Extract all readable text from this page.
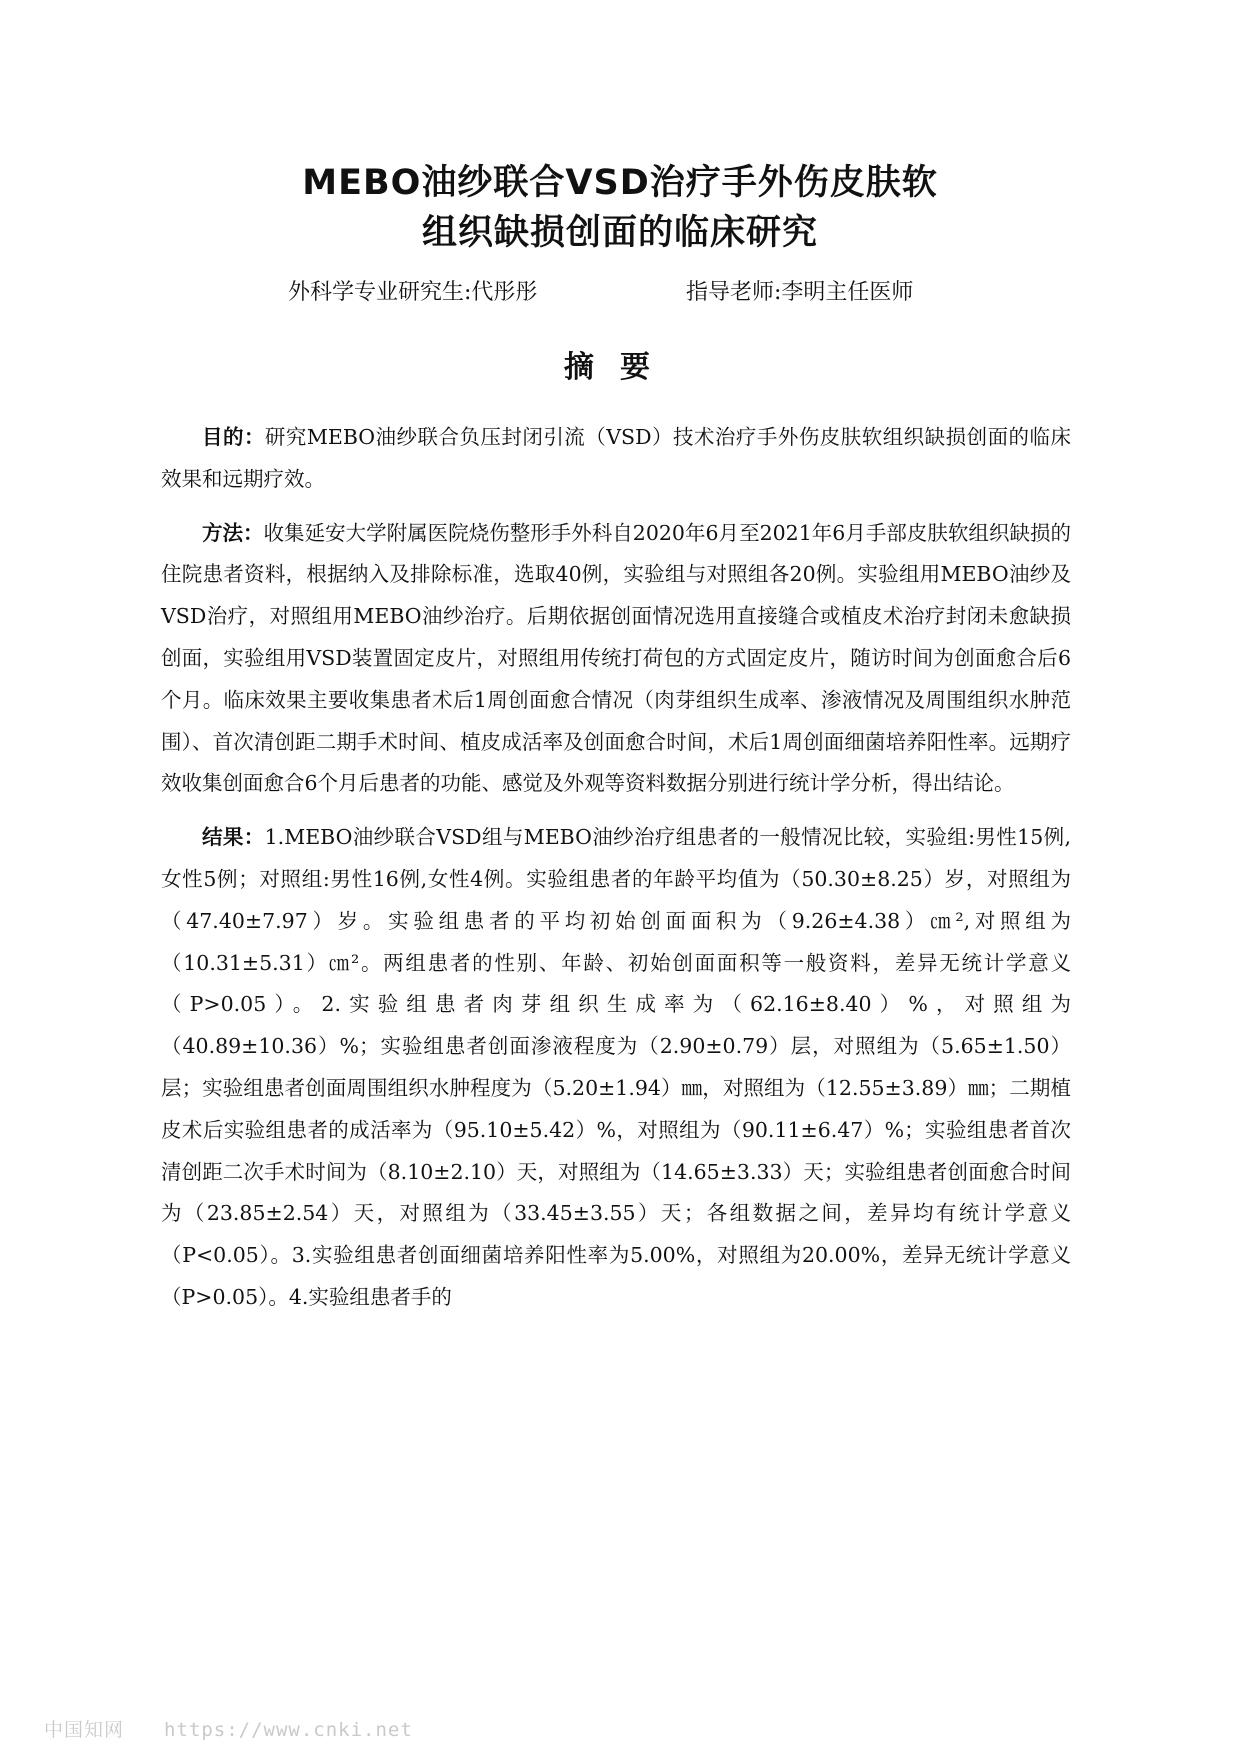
MEBO油纱联合VSD治疗手外伤皮肤软
组织缺损创面的临床研究
外科学专业研究生:代彤彤	指导老师:李明主任医师
摘要

目的：研究MEBO油纱联合负压封闭引流（VSD）技术治疗手外伤皮肤软组织缺损创面的临床效果和远期疗效。

方法：收集延安大学附属医院烧伤整形手外科自2020年6月至2021年6月手部皮肤软组织缺损的住院患者资料，根据纳入及排除标准，选取40例，实验组与对照组各20例。实验组用MEBO油纱及VSD治疗，对照组用MEBO油纱治疗。后期依据创面情况选用直接缝合或植皮术治疗封闭未愈缺损创面，实验组用VSD装置固定皮片，对照组用传统打荷包的方式固定皮片，随访时间为创面愈合后6个月。临床效果主要收集患者术后1周创面愈合情况（肉芽组织生成率、渗液情况及周围组织水肿范围）、首次清创距二期手术时间、植皮成活率及创面愈合时间，术后1周创面细菌培养阳性率。远期疗效收集创面愈合6个月后患者的功能、感觉及外观等资料数据分别进行统计学分析，得出结论。

结果：1.MEBO油纱联合VSD组与MEBO油纱治疗组患者的一般情况比较，实验组:男性15例,女性5例；对照组:男性16例,女性4例。实验组患者的年龄平均值为（50.30±8.25）岁，对照组为（47.40±7.97）岁。实验组患者的平均初始创面面积为（9.26±4.38）㎝²,对照组为（10.31±5.31）㎝²。两组患者的性别、年龄、初始创面面积等一般资料，差异无统计学意义（P>0.05）。2.实验组患者肉芽组织生成率为（62.16±8.40）%，对照组为（40.89±10.36）%；实验组患者创面渗液程度为（2.90±0.79）层，对照组为（5.65±1.50）层；实验组患者创面周围组织水肿程度为（5.20±1.94）㎜，对照组为（12.55±3.89）㎜；二期植皮术后实验组患者的成活率为（95.10±5.42）%，对照组为（90.11±6.47）%；实验组患者首次清创距二次手术时间为（8.10±2.10）天，对照组为（14.65±3.33）天；实验组患者创面愈合时间为（23.85±2.54）天，对照组为（33.45±3.55）天；各组数据之间，差异均有统计学意义（P<0.05）。3.实验组患者创面细菌培养阳性率为5.00%，对照组为20.00%，差异无统计学意义（P>0.05）。4.实验组患者手的

中国知网 https://www.cnki.net
